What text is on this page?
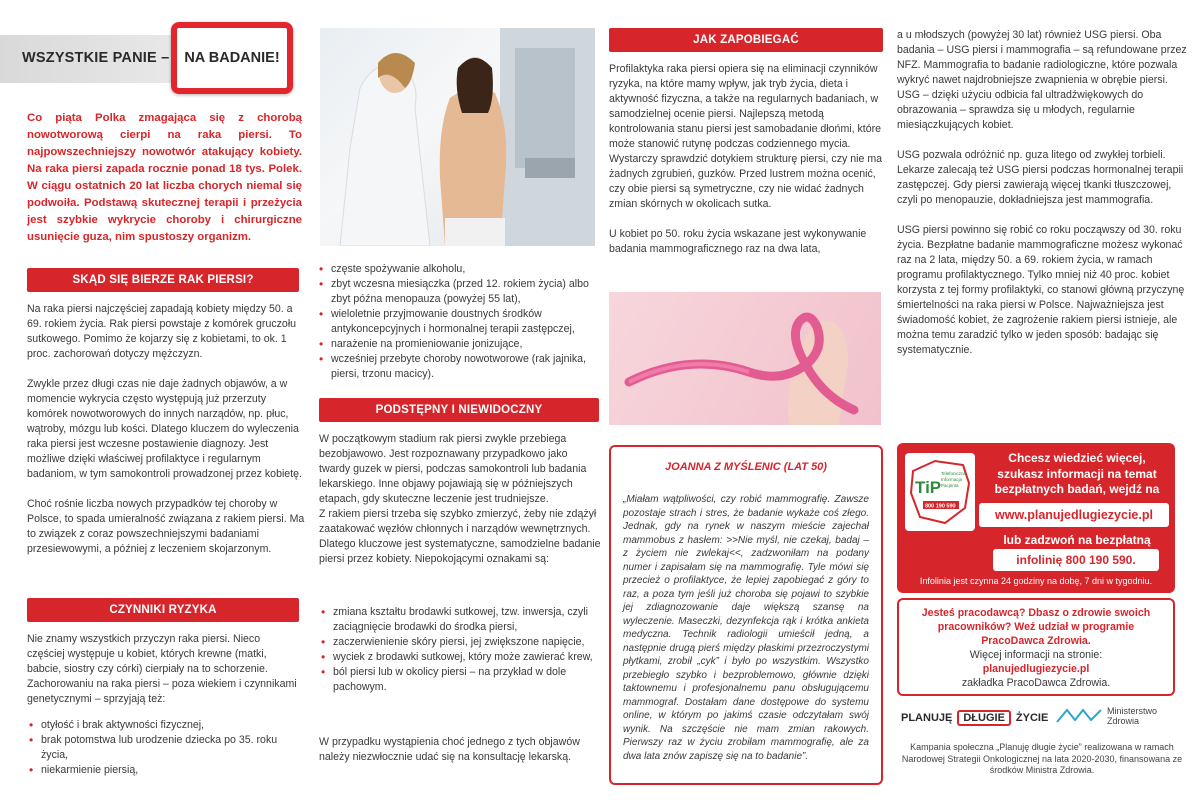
WSZYSTKIE PANIE –	NA BADANIE!
Co piąta Polka zmagająca się z chorobą nowotworową cierpi na raka piersi. To najpowszechniejszy nowotwór atakujący kobiety. Na raka piersi zapada rocznie ponad 18 tys. Polek. W ciągu ostatnich 20 lat liczba chorych niemal się podwoiła. Podstawą skutecznej terapii i przeżycia jest szybkie wykrycie choroby i chirurgiczne usunięcie guza, nim spustoszy organizm.
SKĄD SIĘ BIERZE RAK PIERSI?

Na raka piersi najczęściej zapadają kobiety między 50. a 69. rokiem życia. Rak piersi powstaje z komórek gruczołu sutkowego. Pomimo że kojarzy się z kobietami, to ok. 1 proc. zachorowań dotyczy mężczyzn.

Zwykle przez długi czas nie daje żadnych objawów, a w momencie wykrycia często występują już przerzuty komórek nowotworowych do innych narządów, np. płuc, wątroby, mózgu lub kości. Dlatego kluczem do wyleczenia raka piersi jest wczesne postawienie diagnozy. Jest możliwe dzięki właściwej profilaktyce i regularnym badaniom, w tym samokontroli prowadzonej przez kobietę.

Choć rośnie liczba nowych przypadków tej choroby w Polsce, to spada umieralność związana z rakiem piersi. Ma to związek z coraz powszechniejszymi badaniami przesiewowymi, a później z leczeniem skojarzonym.

CZYNNIKI RYZYKA
Nie znamy wszystkich przyczyn raka piersi. Nieco częściej występuje u kobiet, których krewne (matki, babcie, siostry czy córki) cierpiały na to schorzenie. Zachorowaniu na raka piersi – poza wiekiem i czynnikami genetycznymi – sprzyjają też:
• otyłość i brak aktywności fizycznej,
• brak potomstwa lub urodzenie dziecka po 35. roku życia,
• niekarmienie piersią,
• częste spożywanie alkoholu,
• zbyt wczesna miesiączka (przed 12. rokiem życia) albo zbyt późna menopauza (powyżej 55 lat),
• wieloletnie przyjmowanie doustnych środków antykoncepcyjnych i hormonalnej terapii zastępczej,
• narażenie na promieniowanie jonizujące,
• wcześniej przebyte choroby nowotworowe (rak jajnika, piersi, trzonu macicy).
PODSTĘPNY I NIEWIDOCZNY

W początkowym stadium rak piersi zwykle przebiega bezobjawowo. Jest rozpoznawany przypadkowo jako twardy guzek w piersi, podczas samokontroli lub badania lekarskiego. Inne objawy pojawiają się w późniejszych etapach, gdy skuteczne leczenie jest trudniejsze.

Z rakiem piersi trzeba się szybko zmierzyć, żeby nie zdążył zaatakować węzłów chłonnych i narządów wewnętrznych. Dlatego kluczowe jest systematyczne, samodzielne badanie piersi przez kobiety. Niepokojącymi oznakami są:

• zmiana kształtu brodawki sutkowej, tzw. inwersja, czyli zaciągnięcie brodawki do środka piersi,
• zaczerwienienie skóry piersi, jej zwiększone napięcie,
• wyciek z brodawki sutkowej, który może zawierać krew,
• ból piersi lub w okolicy piersi – na przykład w dole pachowym.
W przypadku wystąpienia choć jednego z tych objawów należy niezwłocznie udać się na konsultację lekarską.
JAK ZAPOBIEGAĆ

Profilaktyka raka piersi opiera się na eliminacji czynników ryzyka, na które mamy wpływ, jak tryb życia, dieta i aktywność fizyczna, a także na regularnych badaniach, w samodzielnej ocenie piersi. Najlepszą metodą kontrolowania stanu piersi jest samobadanie dłońmi, które może stanowić rutynę podczas codziennego mycia. Wystarczy sprawdzić dotykiem strukturę piersi, czy nie ma żadnych zgrubień, guzków. Przed lustrem można ocenić, czy obie piersi są symetryczne, czy nie widać żadnych zmian skórnych w okolicach sutka.

U kobiet po 50. roku życia wskazane jest wykonywanie badania mammograficznego raz na dwa lata,

JOANNA Z MYŚLENIC (LAT 50)
„Miałam wątpliwości, czy robić mammografię. Zawsze pozostaje strach i stres, że badanie wykaże coś złego. Jednak, gdy na rynek w naszym mieście zajechał mammobus z hasłem: >>Nie myśl, nie czekaj, badaj – z życiem nie zwlekaj<<, zadzwoniłam na podany numer i zapisałam się na mammografię. Tyle mówi się przecież o profilaktyce, że lepiej zapobiegać z góry to raz, a poza tym jeśli już choroba się pojawi to szybkie jej zdiagnozowanie daje większą szansę na wyleczenie. Maseczki, dezynfekcja rąk i krótka ankieta medyczna. Technik radiologii umieścił jedną, a następnie drugą pierś między płaskimi przezroczystymi płytkami, zrobił „cyk” i było po wszystkim. Wszystko przebiegło szybko i bezproblemowo, głównie dzięki taktownemu i profesjonalnemu panu obsługującemu mammograf. Dostałam dane dostępowe do systemu online, w którym po jakimś czasie odczytałam swój wynik. Na szczęście nie mam zmian rakowych. Pierwszy raz w życiu zrobiłam mammografię, ale za dwa lata znów zapiszę się na to badanie”.

a u młodszych (powyżej 30 lat) również USG piersi. Oba badania – USG piersi i mammografia – są refundowane przez NFZ. Mammografia to badanie radiologiczne, które pozwala wykryć nawet najdrobniejsze zwapnienia w obrębie piersi. USG – dzięki użyciu odbicia fal ultradźwiękowych do obrazowania – sprawdza się u młodych, regularnie miesiączkujących kobiet.

USG pozwala odróżnić np. guza litego od zwykłej torbieli. Lekarze zalecają też USG piersi podczas hormonalnej terapii zastępczej. Gdy piersi zawierają więcej tkanki tłuszczowej, czyli po menopauzie, dokładniejsza jest mammografia.

USG piersi powinno się robić co roku począwszy od 30. roku życia. Bezpłatne badanie mammograficzne możesz wykonać raz na 2 lata, między 50. a 69. rokiem życia, w ramach programu profilaktycznego. Tylko mniej niż 40 proc. kobiet korzysta z tej formy profilaktyki, co stanowi główną przyczynę śmiertelności na raka piersi w Polsce. Najważniejsza jest świadomość kobiet, że zagrożenie rakiem piersi istnieje, ale można temu zaradzić tylko w jeden sposób: badając się systematycznie.

TiP
Telefoniczna
Informacja
Pacjenta
800 190 590
Chcesz wiedzieć więcej, szukasz informacji na temat bezpłatnych badań, wejdź na
www.planujedlugiezycie.pl
lub zadzwoń na bezpłatną
infolinię 800 190 590.
Infolinia jest czynna 24 godziny na dobę, 7 dni w tygodniu.
Jesteś pracodawcą? Dbasz o zdrowie swoich pracowników? Weź udział w programie PracoDawca Zdrowia.
Więcej informacji na stronie:
planujedlugiezycie.pl
zakładka PracoDawca Zdrowia.
PLANUJĘ	DŁUGIE	ŻYCIE
Ministerstwo
Zdrowia
Kampania społeczna „Planuję długie życie” realizowana w ramach Narodowej Strategii Onkologicznej na lata 2020-2030, finansowana ze środków Ministra Zdrowia.
